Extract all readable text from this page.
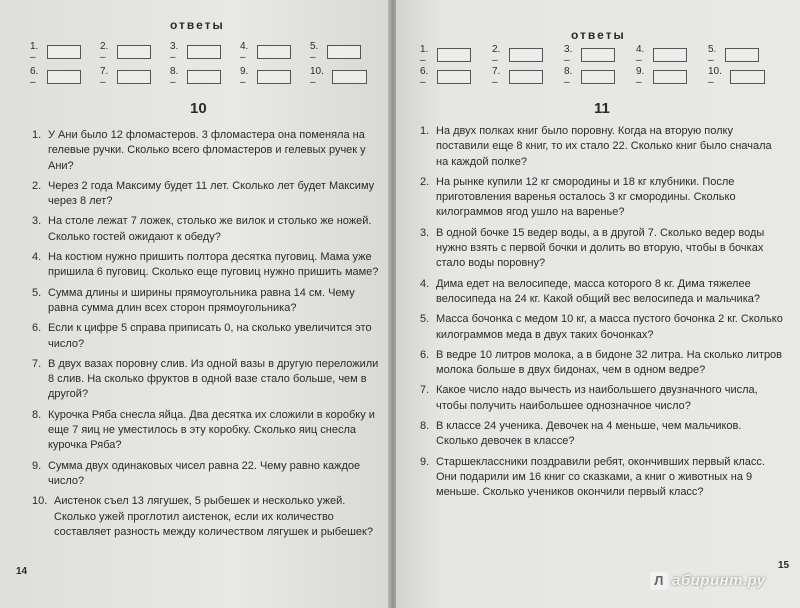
ответы
1. –
2. –
3. –
4. –
5. –
6. –
7. –
8. –
9. –
10. –
10
1. У Ани было 12 фломастеров. 3 фломастера она поменяла на гелевые ручки. Сколько всего фломастеров и гелевых ручек у Ани?
2. Через 2 года Максиму будет 11 лет. Сколько лет будет Максиму через 8 лет?
3. На столе лежат 7 ложек, столько же вилок и столько же ножей. Сколько гостей ожидают к обеду?
4. На костюм нужно пришить полтора десятка пуговиц. Мама уже пришила 6 пуговиц. Сколько еще пуговиц нужно пришить маме?
5. Сумма длины и ширины прямоугольника равна 14 см. Чему равна сумма длин всех сторон прямоугольника?
6. Если к цифре 5 справа приписать 0, на сколько увеличится это число?
7. В двух вазах поровну слив. Из одной вазы в другую переложили 8 слив. На сколько фруктов в одной вазе стало больше, чем в другой?
8. Курочка Ряба снесла яйца. Два десятка их сложили в коробку и еще 7 яиц не уместилось в эту коробку. Сколько яиц снесла курочка Ряба?
9. Сумма двух одинаковых чисел равна 22. Чему равно каждое число?
10. Аистенок съел 13 лягушек, 5 рыбешек и несколько ужей. Сколько ужей проглотил аистенок, если их количество составляет разность между количеством лягушек и рыбешек?
14
ответы
1. –
2. –
3. –
4. –
5. –
6. –
7. –
8. –
9. –
10. –
11
1. На двух полках книг было поровну. Когда на вторую полку поставили еще 8 книг, то их стало 22. Сколько книг было сначала на каждой полке?
2. На рынке купили 12 кг смородины и 18 кг клубники. После приготовления варенья осталось 3 кг смородины. Сколько килограммов ягод ушло на варенье?
3. В одной бочке 15 ведер воды, а в другой 7. Сколько ведер воды нужно взять с первой бочки и долить во вторую, чтобы в бочках стало воды поровну?
4. Дима едет на велосипеде, масса которого 8 кг. Дима тяжелее велосипеда на 24 кг. Какой общий вес велосипеда и мальчика?
5. Масса бочонка с медом 10 кг, а масса пустого бочонка 2 кг. Сколько килограммов меда в двух таких бочонках?
6. В ведре 10 литров молока, а в бидоне 32 литра. На сколько литров молока больше в двух бидонах, чем в одном ведре?
7. Какое число надо вычесть из наибольшего двузначного числа, чтобы получить наибольшее однозначное число?
8. В классе 24 ученика. Девочек на 4 меньше, чем мальчиков. Сколько девочек в классе?
9. Старшеклассники поздравили ребят, окончивших первый класс. Они подарили им 16 книг со сказками, а книг о животных на 9 меньше. Сколько учеников окончили первый класс?
15
Л абиринт.ру
